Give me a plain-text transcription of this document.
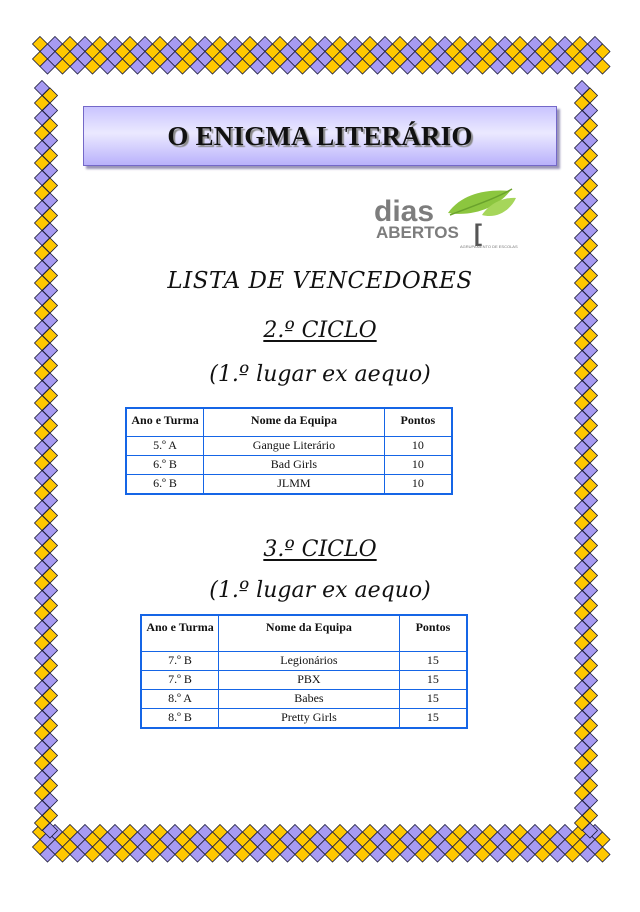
O ENIGMA LITERÁRIO
dias
ABERTOS [
AGRUPAMENTO DE ESCOLAS
LISTA DE VENCEDORES
2.º CICLO
(1.º lugar ex aequo)
Ano e Turma	Nome da Equipa	Pontos
5.º A	Gangue Literário	10
6.º B	Bad Girls	10
6.º B	JLMM	10
3.º CICLO
(1.º lugar ex aequo)
Ano e Turma	Nome da Equipa	Pontos
7.º B	Legionários	15
7.º B	PBX	15
8.º A	Babes	15
8.º B	Pretty Girls	15
